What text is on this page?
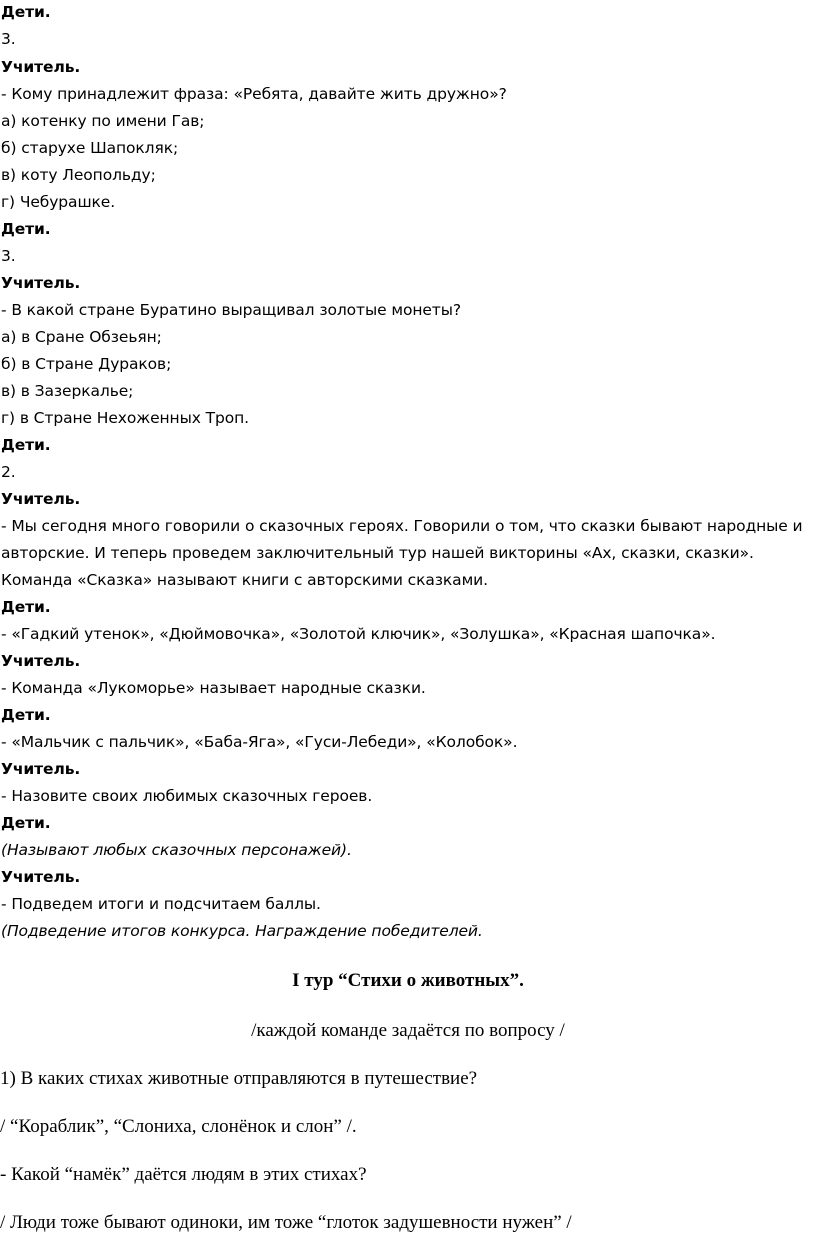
Дети.
3.
Учитель.
- Кому принадлежит фраза: «Ребята, давайте жить дружно»?
а) котенку по имени Гав;
б) старухе Шапокляк;
в) коту Леопольду;
г) Чебурашке.
Дети.
3.
Учитель.
- В какой стране Буратино выращивал золотые монеты?
а) в Сране Обзеьян;
б) в Стране Дураков;
в) в Зазеркалье;
г) в Стране Нехоженных Троп.
Дети.
2.
Учитель.
- Мы сегодня много говорили о сказочных героях. Говорили о том, что сказки бывают народные и
авторские. И теперь проведем заключительный тур нашей викторины «Ах, сказки, сказки».
Команда «Сказка» называют книги с авторскими сказками.
Дети.
- «Гадкий утенок», «Дюймовочка», «Золотой ключик», «Золушка», «Красная шапочка».
Учитель.
- Команда «Лукоморье» называет народные сказки.
Дети.
- «Мальчик с пальчик», «Баба-Яга», «Гуси-Лебеди», «Колобок».
Учитель.
- Назовите своих любимых сказочных героев.
Дети.
(Называют любых сказочных персонажей).
Учитель.
- Подведем итоги и подсчитаем баллы.
(Подведение итогов конкурса. Награждение победителей.
I тур “Стихи о животных”.
/каждой команде задаётся по вопросу /
1) В каких стихах животные отправляются в путешествие?
/ “Кораблик”, “Слониха, слонёнок и слон” /.
- Какой “намёк” даётся людям в этих стихах?
/ Люди тоже бывают одиноки, им тоже “глоток задушевности нужен” /
